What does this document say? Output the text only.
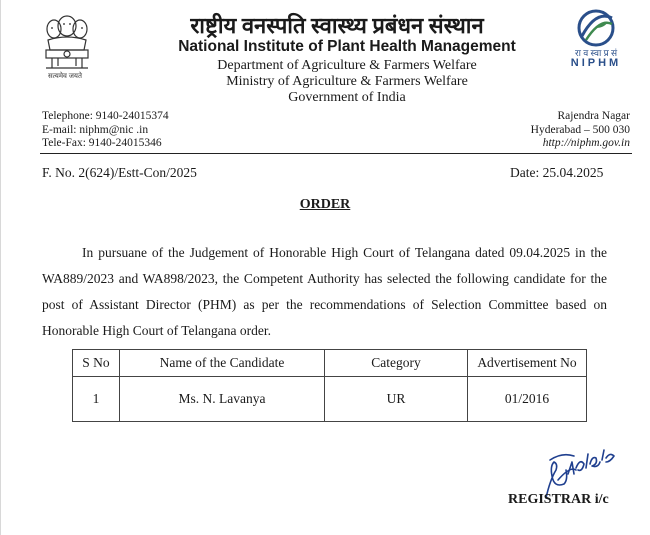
सत्यमेव जयते
रा व स्वा प्र सं
NIPHM
राष्ट्रीय वनस्पति स्वास्थ्य प्रबंधन संस्थान
National Institute of Plant Health Management
Department of Agriculture & Farmers Welfare
Ministry of Agriculture & Farmers Welfare
Government of India
Telephone: 9140-24015374
E-mail: niphm@nic .in
Tele-Fax: 9140-24015346
Rajendra Nagar
Hyderabad – 500 030
http://niphm.gov.in
F. No. 2(624)/Estt-Con/2025	Date: 25.04.2025
ORDER

In pursuane of the Judgement of Honorable High Court of Telangana dated 09.04.2025 in the WA889/2023 and WA898/2023, the Competent Authority has selected the following candidate for the post of Assistant Director (PHM) as per the recommendations of Selection Committee based on Honorable High Court of Telangana order.

S No	Name of the Candidate	Category	Advertisement No
1	Ms. N. Lavanya	UR	01/2016
REGISTRAR i/c
